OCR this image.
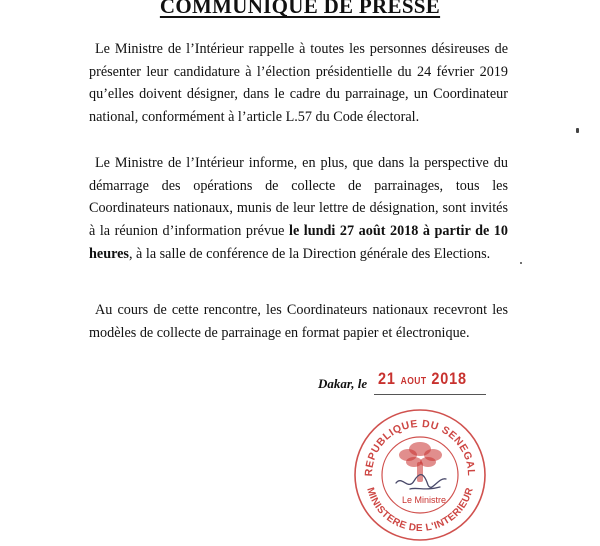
COMMUNIQUE DE PRESSE

Le Ministre de l’Intérieur rappelle à toutes les personnes désireuses de présenter leur candidature à l’élection présidentielle du 24 février 2019 qu’elles doivent désigner, dans le cadre du parrainage, un Coordinateur national, conformément à l’article L.57 du Code électoral.

Le Ministre de l’Intérieur informe, en plus, que dans la perspective du démarrage des opérations de collecte de parrainages, tous les Coordinateurs nationaux, munis de leur lettre de désignation, sont invités à la réunion d’information prévue le lundi 27 août 2018 à partir de 10 heures, à la salle de conférence de la Direction générale des Elections.

Au cours de cette rencontre, les Coordinateurs nationaux recevront les modèles de collecte de parrainage en format papier et électronique.

Dakar, le 21 AOUT 2018
REPUBLIQUE DU SENEGAL
MINISTERE DE L'INTERIEUR
Le Ministre
